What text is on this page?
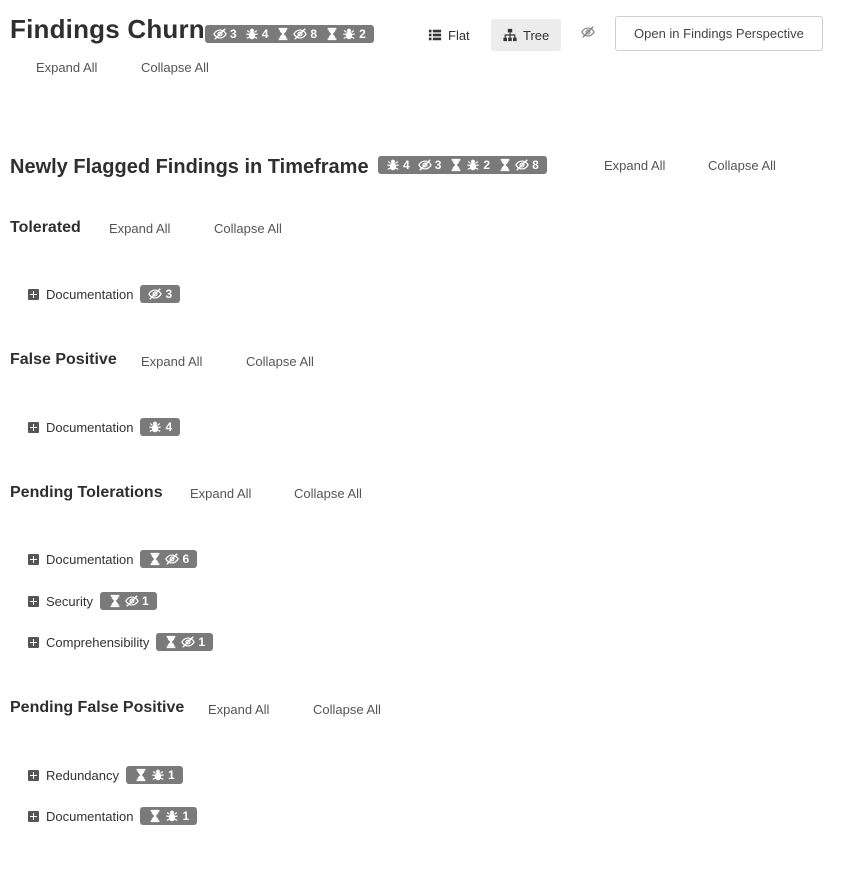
Findings Churn 3 4	8	2	Flat	Tree	Open in Findings Perspective
Expand All	Collapse All
Newly Flagged Findings in Timeframe	4 3	2	8	Expand All	Collapse All
Tolerated Expand All	Collapse All
Documentation	3
False Positive Expand All	Collapse All
Documentation	4
Pending Tolerations Expand All	Collapse All
Documentation	6
Security	1
Comprehensibility	1
Pending False Positive Expand All	Collapse All
Redundancy	1
Documentation	1
